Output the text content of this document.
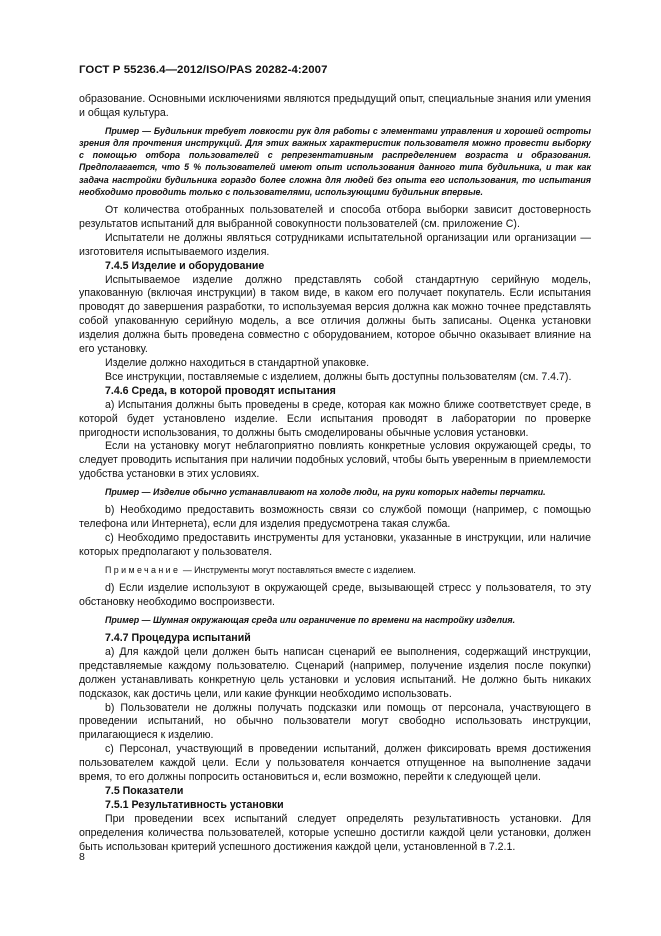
ГОСТ Р 55236.4—2012/ISO/PAS 20282-4:2007

образование. Основными исключениями являются предыдущий опыт, специальные знания или умения и общая культура.

Пример — Будильник требует ловкости рук для работы с элементами управления и хорошей остроты зрения для прочтения инструкций. Для этих важных характеристик пользователя можно провести выборку с помощью отбора пользователей с репрезентативным распределением возраста и образования. Предполагается, что 5 % пользователей имеют опыт использования данного типа будильника, и так как задача настройки будильника гораздо более сложна для людей без опыта его использования, то испытания необходимо проводить только с пользователями, использующими будильник впервые.

От количества отобранных пользователей и способа отбора выборки зависит достоверность результатов испытаний для выбранной совокупности пользователей (см. приложение С).

Испытатели не должны являться сотрудниками испытательной организации или организации — изготовителя испытываемого изделия.

7.4.5 Изделие и оборудование

Испытываемое изделие должно представлять собой стандартную серийную модель, упакованную (включая инструкции) в таком виде, в каком его получает покупатель. Если испытания проводят до завершения разработки, то используемая версия должна как можно точнее представлять собой упакованную серийную модель, а все отличия должны быть записаны. Оценка установки изделия должна быть проведена совместно с оборудованием, которое обычно оказывает влияние на его установку.

Изделие должно находиться в стандартной упаковке.

Все инструкции, поставляемые с изделием, должны быть доступны пользователям (см. 7.4.7).

7.4.6 Среда, в которой проводят испытания

а) Испытания должны быть проведены в среде, которая как можно ближе соответствует среде, в которой будет установлено изделие. Если испытания проводят в лаборатории по проверке пригодности использования, то должны быть смоделированы обычные условия установки.

Если на установку могут неблагоприятно повлиять конкретные условия окружающей среды, то следует проводить испытания при наличии подобных условий, чтобы быть уверенным в приемлемости удобства установки в этих условиях.

Пример — Изделие обычно устанавливают на холоде люди, на руки которых надеты перчатки.

b) Необходимо предоставить возможность связи со службой помощи (например, с помощью телефона или Интернета), если для изделия предусмотрена такая служба.

с) Необходимо предоставить инструменты для установки, указанные в инструкции, или наличие которых предполагают у пользователя.

Примечание — Инструменты могут поставляться вместе с изделием.

d) Если изделие используют в окружающей среде, вызывающей стресс у пользователя, то эту обстановку необходимо воспроизвести.

Пример — Шумная окружающая среда или ограничение по времени на настройку изделия.

7.4.7 Процедура испытаний

а) Для каждой цели должен быть написан сценарий ее выполнения, содержащий инструкции, представляемые каждому пользователю. Сценарий (например, получение изделия после покупки) должен устанавливать конкретную цель установки и условия испытаний. Не должно быть никаких подсказок, как достичь цели, или какие функции необходимо использовать.

b) Пользователи не должны получать подсказки или помощь от персонала, участвующего в проведении испытаний, но обычно пользователи могут свободно использовать инструкции, прилагающиеся к изделию.

с) Персонал, участвующий в проведении испытаний, должен фиксировать время достижения пользователем каждой цели. Если у пользователя кончается отпущенное на выполнение задачи время, то его должны попросить остановиться и, если возможно, перейти к следующей цели.

7.5 Показатели

7.5.1 Результативность установки

При проведении всех испытаний следует определять результативность установки. Для определения количества пользователей, которые успешно достигли каждой цели установки, должен быть использован критерий успешного достижения каждой цели, установленной в 7.2.1.

8
